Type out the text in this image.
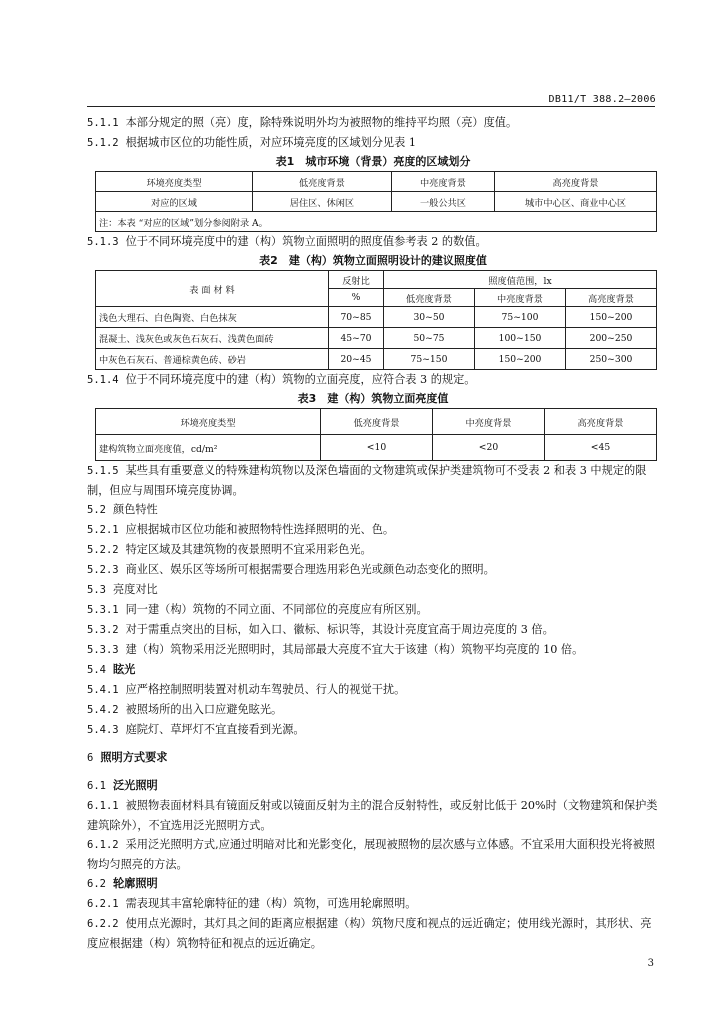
DB11/T 388.2—2006

5.1.1 本部分规定的照（亮）度，除特殊说明外均为被照物的维持平均照（亮）度值。

5.1.2 根据城市区位的功能性质，对应环境亮度的区域划分见表 1

表1　城市环境（背景）亮度的区域划分
环境亮度类型	低亮度背景	中亮度背景	高亮度背景
对应的区域	居住区、休闲区	一般公共区	城市中心区、商业中心区
注：本表 “对应的区域”划分参阅附录 A。			

5.1.3 位于不同环境亮度中的建（构）筑物立面照明的照度值参考表 2 的数值。

表2　建（构）筑物立面照明设计的建议照度值
表 面 材 料	反射比	照度值范围，lx		
	%	低亮度背景	中亮度背景	高亮度背景
浅色大理石、白色陶瓷、白色抹灰	70~85	30~50	75~100	150~200
混凝土、浅灰色或灰色石灰石、浅黄色面砖	45~70	50~75	100~150	200~250
中灰色石灰石、普通棕黄色砖、砂岩	20~45	75~150	150~200	250~300

5.1.4 位于不同环境亮度中的建（构）筑物的立面亮度，应符合表 3 的规定。

表3　建（构）筑物立面亮度值
环境亮度类型	低亮度背景	中亮度背景	高亮度背景
建构筑物立面亮度值，cd/m²	<10	<20	<45

5.1.5 某些具有重要意义的特殊建构筑物以及深色墙面的文物建筑或保护类建筑物可不受表 2 和表 3 中规定的限制，但应与周围环境亮度协调。

5.2 颜色特性

5.2.1 应根据城市区位功能和被照物特性选择照明的光、色。

5.2.2 特定区域及其建筑物的夜景照明不宜采用彩色光。

5.2.3 商业区、娱乐区等场所可根据需要合理选用彩色光或颜色动态变化的照明。

5.3 亮度对比

5.3.1 同一建（构）筑物的不同立面、不同部位的亮度应有所区别。

5.3.2 对于需重点突出的目标，如入口、徽标、标识等，其设计亮度宜高于周边亮度的 3 倍。

5.3.3 建（构）筑物采用泛光照明时，其局部最大亮度不宜大于该建（构）筑物平均亮度的 10 倍。

5.4 眩光

5.4.1 应严格控制照明装置对机动车驾驶员、行人的视觉干扰。

5.4.2 被照场所的出入口应避免眩光。

5.4.3 庭院灯、草坪灯不宜直接看到光源。

6 照明方式要求

6.1 泛光照明

6.1.1 被照物表面材料具有镜面反射或以镜面反射为主的混合反射特性，或反射比低于 20%时（文物建筑和保护类建筑除外），不宜选用泛光照明方式。

6.1.2 采用泛光照明方式,应通过明暗对比和光影变化，展现被照物的层次感与立体感。不宜采用大面积投光将被照物均匀照亮的方法。

6.2 轮廓照明

6.2.1 需表现其丰富轮廓特征的建（构）筑物，可选用轮廓照明。

6.2.2 使用点光源时，其灯具之间的距离应根据建（构）筑物尺度和视点的远近确定；使用线光源时，其形状、亮度应根据建（构）筑物特征和视点的远近确定。

3
